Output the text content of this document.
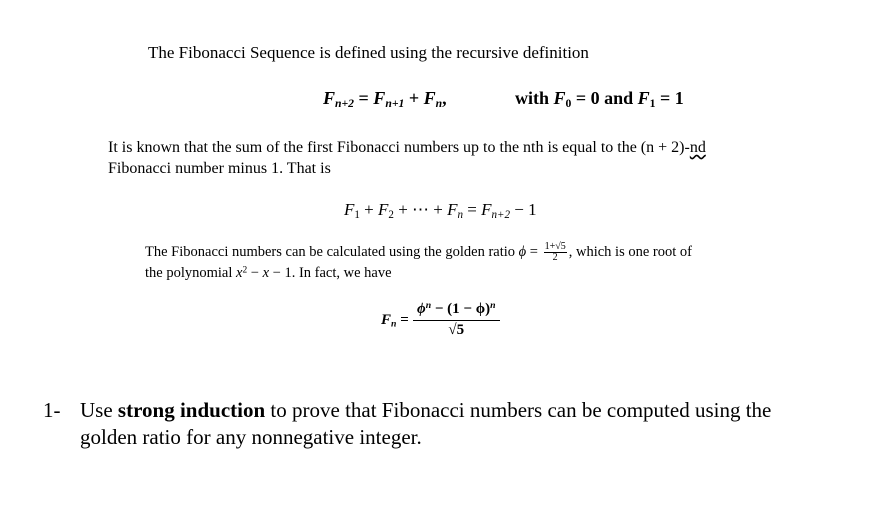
The Fibonacci Sequence is defined using the recursive definition
$F_{n+2} = F_{n+1} + F_n$,	with $F_0 = 0$ and $F_1 = 1$
It is known that the sum of the first Fibonacci numbers up to the nth is equal to the (n + 2)-nd
Fibonacci number minus 1. That is
$F_1 + F_2$ + ⋯ + $F_n = F_{n+2} - 1$
The Fibonacci numbers can be calculated using the golden ratio $\phi = \frac{1+√5}{2}$ , which is one root of
the polynomial $x^2 - x - 1$. In fact, we have
$F_n = \frac{\phi^n - (1 - \phi)^n}{√5}$
1- Use strong induction to prove that Fibonacci numbers can be computed using the
golden ratio for any nonnegative integer.
